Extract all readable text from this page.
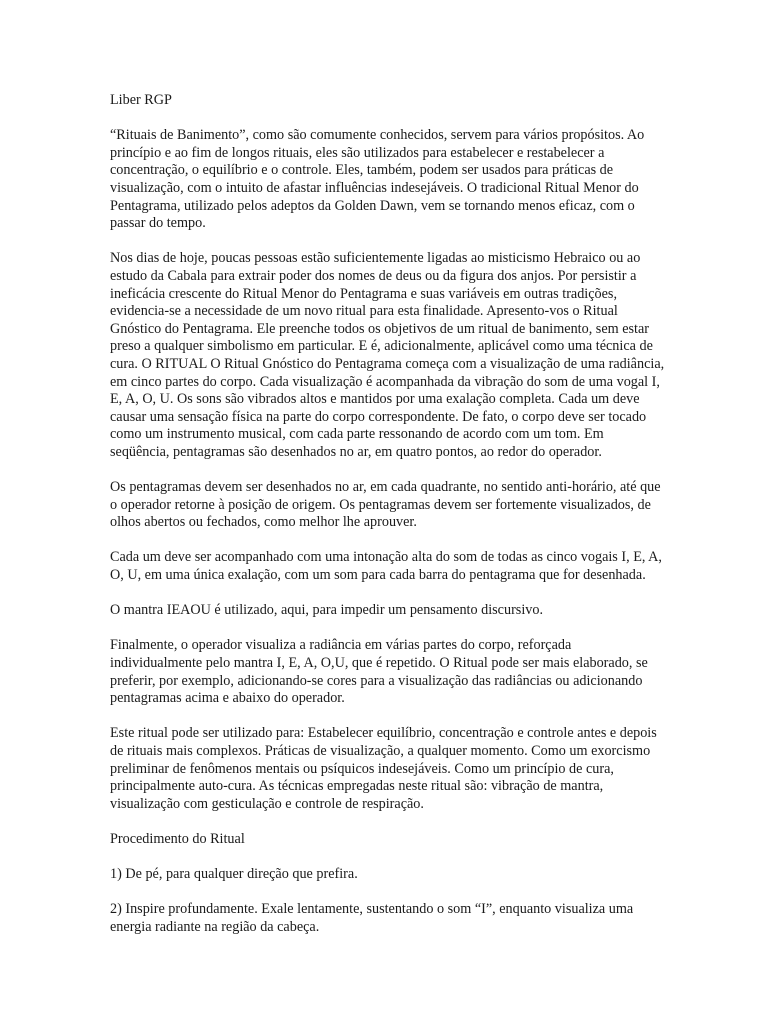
Liber RGP

“Rituais de Banimento”, como são comumente conhecidos, servem para vários propósitos. Ao princípio e ao fim de longos rituais, eles são utilizados para estabelecer e restabelecer a concentração, o equilíbrio e o controle. Eles, também, podem ser usados para práticas de visualização, com o intuito de afastar influências indesejáveis. O tradicional Ritual Menor do Pentagrama, utilizado pelos adeptos da Golden Dawn, vem se tornando menos eficaz, com o passar do tempo.

Nos dias de hoje, poucas pessoas estão suficientemente ligadas ao misticismo Hebraico ou ao estudo da Cabala para extrair poder dos nomes de deus ou da figura dos anjos. Por persistir a ineficácia crescente do Ritual Menor do Pentagrama e suas variáveis em outras tradições, evidencia-se a necessidade de um novo ritual para esta finalidade. Apresento-vos o Ritual Gnóstico do Pentagrama. Ele preenche todos os objetivos de um ritual de banimento, sem estar preso a qualquer simbolismo em particular. E é, adicionalmente, aplicável como uma técnica de cura. O RITUAL O Ritual Gnóstico do Pentagrama começa com a visualização de uma radiância, em cinco partes do corpo. Cada visualização é acompanhada da vibração do som de uma vogal I, E, A, O, U. Os sons são vibrados altos e mantidos por uma exalação completa. Cada um deve causar uma sensação física na parte do corpo correspondente. De fato, o corpo deve ser tocado como um instrumento musical, com cada parte ressonando de acordo com um tom. Em seqüência, pentagramas são desenhados no ar, em quatro pontos, ao redor do operador.

Os pentagramas devem ser desenhados no ar, em cada quadrante, no sentido anti-horário, até que o operador retorne à posição de origem. Os pentagramas devem ser fortemente visualizados, de olhos abertos ou fechados, como melhor lhe aprouver.

Cada um deve ser acompanhado com uma intonação alta do som de todas as cinco vogais I, E, A, O, U, em uma única exalação, com um som para cada barra do pentagrama que for desenhada.

O mantra IEAOU é utilizado, aqui, para impedir um pensamento discursivo.

Finalmente, o operador visualiza a radiância em várias partes do corpo, reforçada individualmente pelo mantra I, E, A, O,U, que é repetido. O Ritual pode ser mais elaborado, se preferir, por exemplo, adicionando-se cores para a visualização das radiâncias ou adicionando pentagramas acima e abaixo do operador.

Este ritual pode ser utilizado para: Estabelecer equilíbrio, concentração e controle antes e depois de rituais mais complexos. Práticas de visualização, a qualquer momento. Como um exorcismo preliminar de fenômenos mentais ou psíquicos indesejáveis. Como um princípio de cura, principalmente auto-cura. As técnicas empregadas neste ritual são: vibração de mantra, visualização com gesticulação e controle de respiração.

Procedimento do Ritual

1) De pé, para qualquer direção que prefira.

2) Inspire profundamente. Exale lentamente, sustentando o som “I”, enquanto visualiza uma energia radiante na região da cabeça.
